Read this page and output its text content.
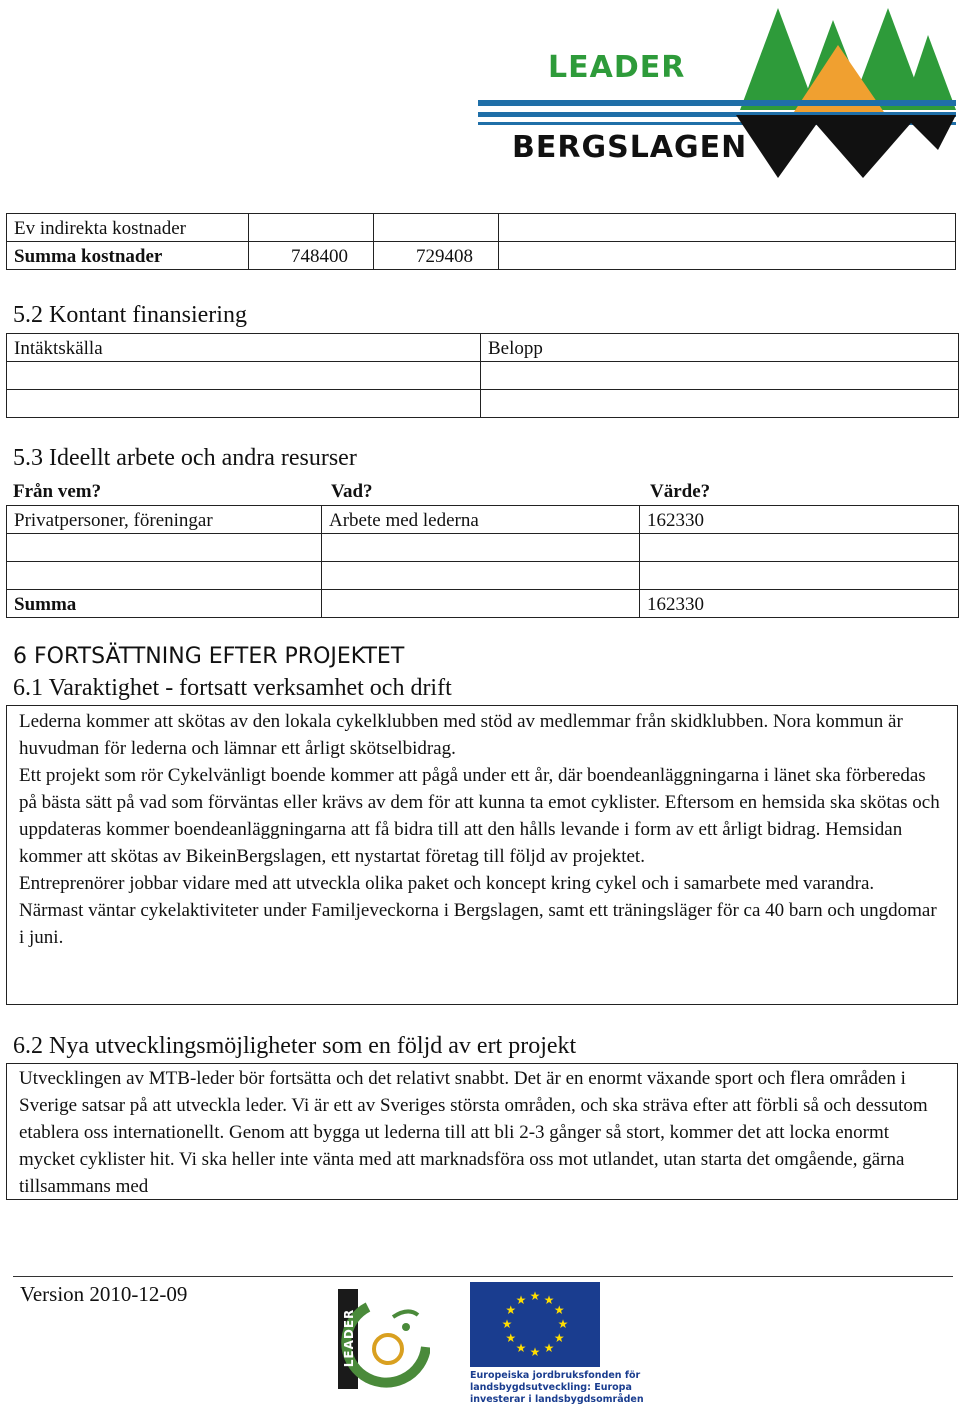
LEADER
BERGSLAGEN
Ev indirekta kostnader			
Summa kostnader	748400	729408	
5.2 Kontant finansiering
Intäktskälla	Belopp

5.3 Ideellt arbete och andra resurser
Från vem?	Vad?	Värde?
Privatpersoner, föreningar	Arbete med lederna	162330

Summa		162330
6 FORTSÄTTNING EFTER PROJEKTET
6.1 Varaktighet - fortsatt verksamhet och drift

Lederna kommer att skötas av den lokala cykelklubben med stöd av medlemmar från skidklubben. Nora kommun är huvudman för lederna och lämnar ett årligt skötselbidrag.

Ett projekt som rör Cykelvänligt boende kommer att pågå under ett år, där boendeanläggningarna i länet ska förberedas på bästa sätt på vad som förväntas eller krävs av dem för att kunna ta emot cyklister. Eftersom en hemsida ska skötas och uppdateras kommer boendeanläggningarna att få bidra till att den hålls levande i form av ett årligt bidrag. Hemsidan kommer att skötas av BikeinBergslagen, ett nystartat företag till följd av projektet.

Entreprenörer jobbar vidare med att utveckla olika paket och koncept kring cykel och i samarbete med varandra.

Närmast väntar cykelaktiviteter under Familjeveckorna i Bergslagen, samt ett träningsläger för ca 40 barn och ungdomar i juni.

6.2 Nya utvecklingsmöjligheter som en följd av ert projekt

Utvecklingen av MTB-leder bör fortsätta och det relativt snabbt. Det är en enormt växande sport och flera områden i Sverige satsar på att utveckla leder. Vi är ett av Sveriges största områden, och ska sträva efter att förbli så och dessutom etablera oss internationellt. Genom att bygga ut lederna till att bli 2-3 gånger så stort, kommer det att locka enormt mycket cyklister hit. Vi ska heller inte vänta med att marknadsföra oss mot utlandet, utan starta det omgående, gärna tillsammans med

Version 2010-12-09
LEADER
★ ★
★
★
★
★
★
★
★
★
★
★
Europeiska jordbruksfonden för
landsbygdsutveckling: Europa
investerar i landsbygdsområden
